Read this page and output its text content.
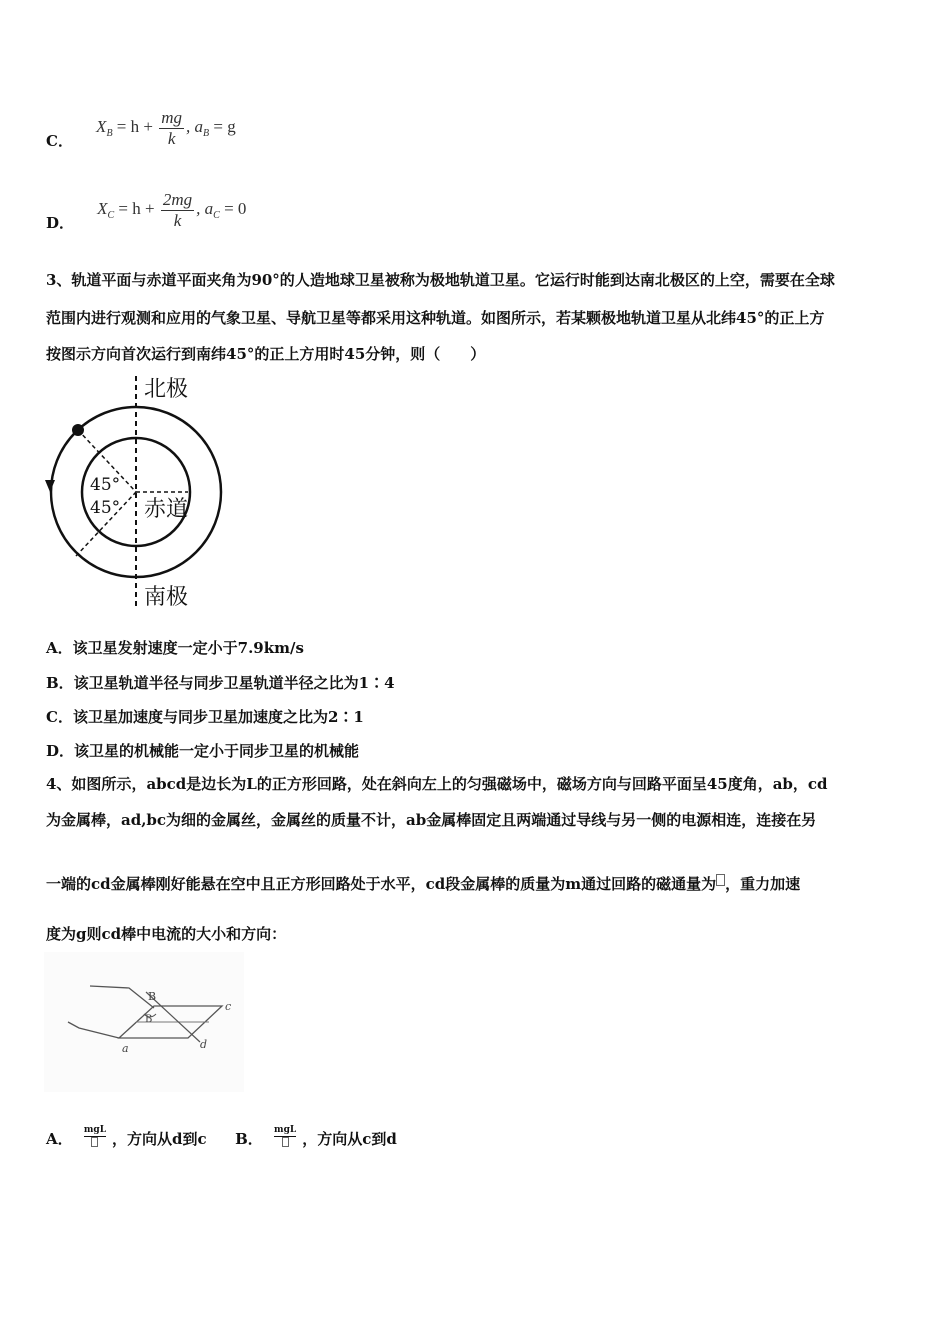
C． $X_B = h + \frac{mg}{k}$ , $a_B = g$
D． $X_C = h + \frac{2mg}{k}$ , $a_C = 0$
3、轨道平面与赤道平面夹角为90°的人造地球卫星被称为极地轨道卫星。它运行时能到达南北极区的上空，需要在全球
范围内进行观测和应用的气象卫星、导航卫星等都采用这种轨道。如图所示，若某颗极地轨道卫星从北纬45°的正上方
按图示方向首次运行到南纬45°的正上方用时45分钟，则（　　）
北极
南极
赤道
45°
45°
A．该卫星发射速度一定小于7.9km/s
B．该卫星轨道半径与同步卫星轨道半径之比为1∶4
C．该卫星加速度与同步卫星加速度之比为2∶1
D．该卫星的机械能一定小于同步卫星的机械能
4、如图所示，abcd是边长为L的正方形回路，处在斜向左上的匀强磁场中，磁场方向与回路平面呈45度角，ab，cd
为金属棒，ad,bc为细的金属丝，金属丝的质量不计，ab金属棒固定且两端通过导线与另一侧的电源相连，连接在另
一端的cd金属棒刚好能悬在空中且正方形回路处于水平，cd段金属棒的质量为m通过回路的磁通量为 ，重力加速
度为g则cd棒中电流的大小和方向：
B
B
c
d
a
A． mgL ，方向从d到c B． mgL ，方向从c到d
